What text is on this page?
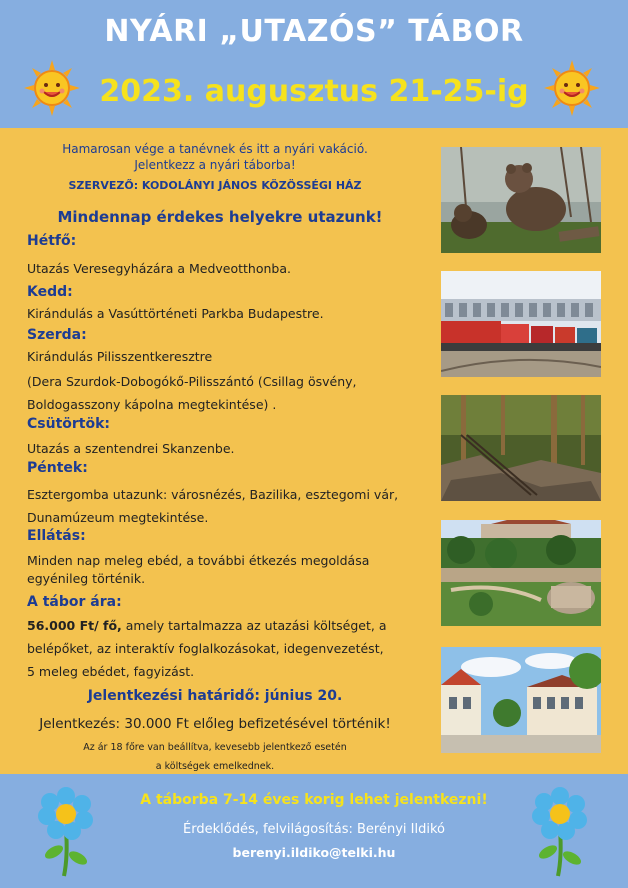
NYÁRI „UTAZÓS” TÁBOR
2023. augusztus 21-25-ig
Hamarosan vége a tanévnek és itt a nyári vakáció.
Jelentkezz a nyári táborba!
SZERVEZŐ: KODOLÁNYI JÁNOS KÖZÖSSÉGI HÁZ
Mindennap érdekes helyekre utazunk!
Hétfő:
Utazás Veresegyházára a Medveotthonba.
Kedd:
Kirándulás a Vasúttörténeti Parkba Budapestre.
Szerda:
Kirándulás Pilisszentkeresztre
(Dera Szurdok-Dobogókő-Pilisszántó (Csillag ösvény,
Boldogasszony kápolna megtekintése) .
Csütörtök:
Utazás a szentendrei Skanzenbe.
Péntek:
Esztergomba utazunk: városnézés, Bazilika, esztegomi vár,
Dunamúzeum megtekintése.
Ellátás:
Minden nap meleg ebéd, a további étkezés megoldása
egyénileg történik.
A tábor ára:
56.000 Ft/ fő, amely tartalmazza az utazási költséget, a
belépőket, az interaktív foglalkozásokat, idegenvezetést,
5 meleg ebédet, fagyizást.
Jelentkezési határidő: június 20.
Jelentkezés: 30.000 Ft előleg befizetésével történik!
Az ár 18 főre van beállítva, kevesebb jelentkező esetén
a költségek emelkednek.
A táborba 7-14 éves korig lehet jelentkezni!
Érdeklődés, felvilágosítás: Berényi Ildikó
berenyi.ildiko@telki.hu
